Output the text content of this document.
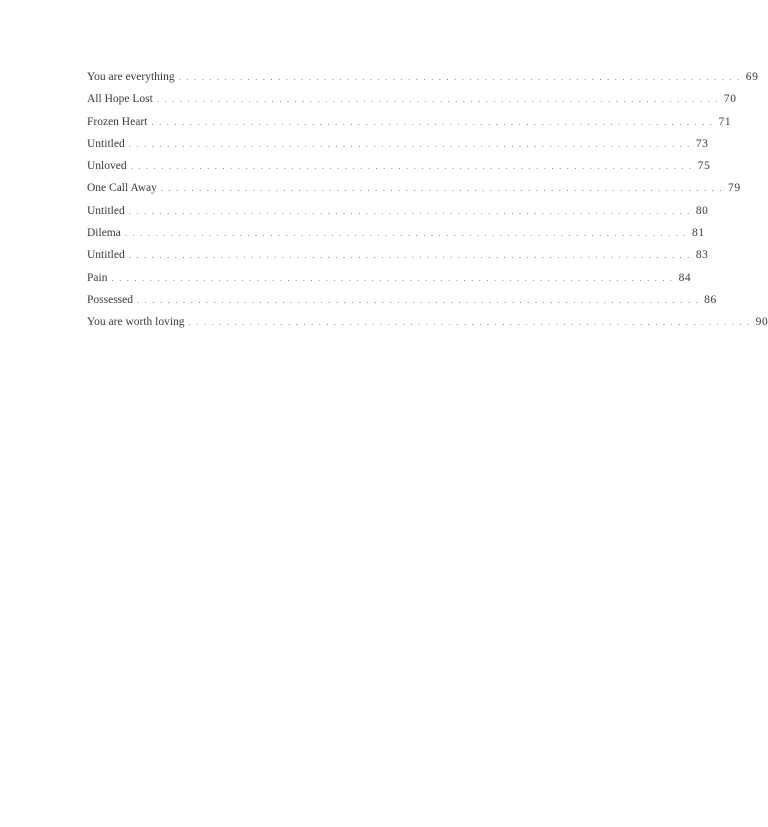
You are everything .......................................................................... 69
All Hope Lost .......................................................................... 70
Frozen Heart .......................................................................... 71
Untitled .......................................................................... 73
Unloved .......................................................................... 75
One Call Away .......................................................................... 79
Untitled .......................................................................... 80
Dilema .......................................................................... 81
Untitled .......................................................................... 83
Pain .......................................................................... 84
Possessed .......................................................................... 86
You are worth loving .......................................................................... 90
